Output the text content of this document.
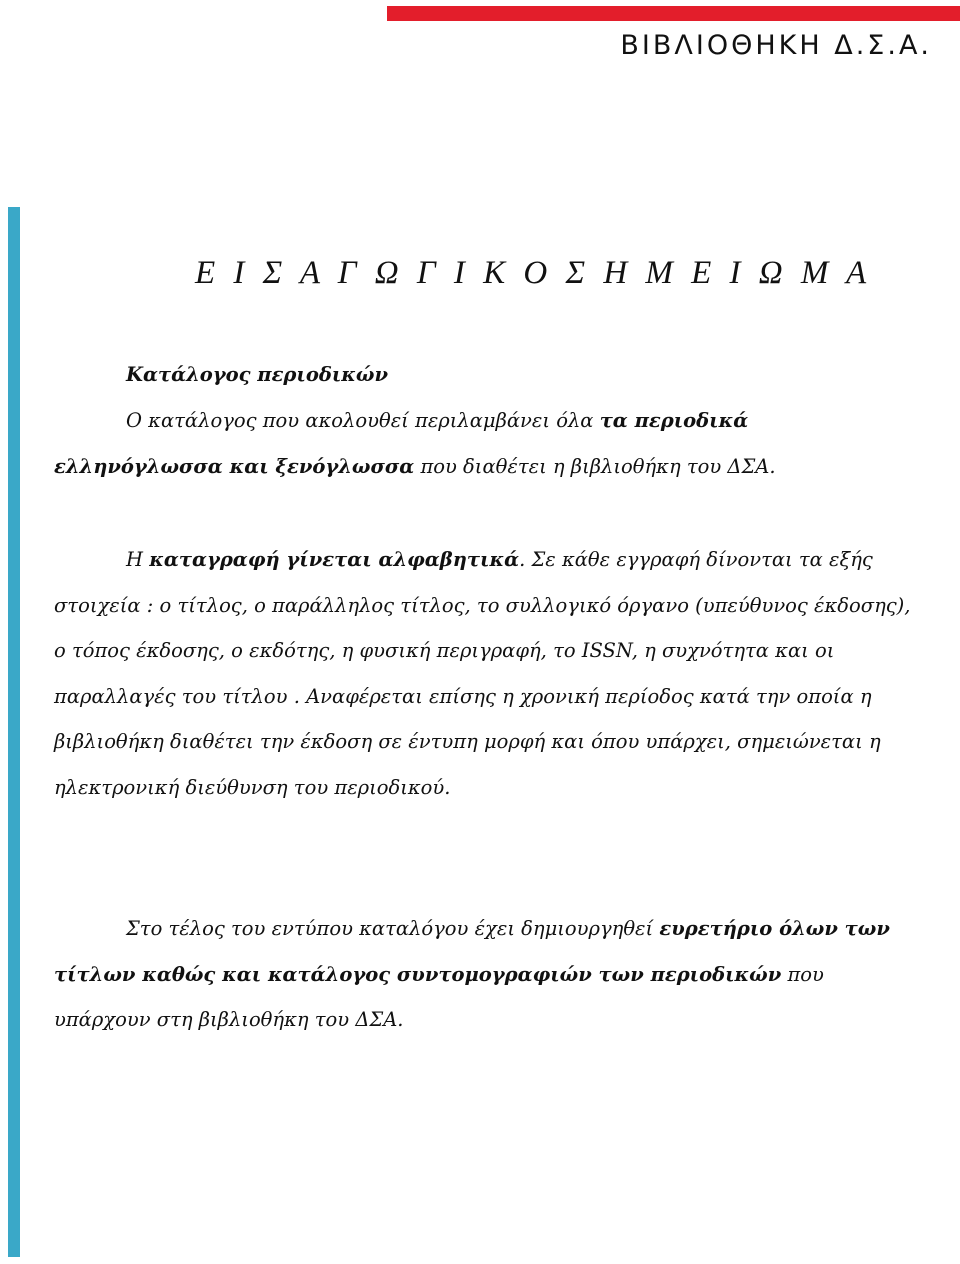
ΒΙΒΛΙΟΘΗΚΗ Δ.Σ.Α.
Ε Ι Σ Α Γ Ω Γ Ι Κ Ο Σ Η Μ Ε Ι Ω Μ Α

Κατάλογος περιοδικών

Ο κατάλογος που ακολουθεί περιλαμβάνει όλα τα περιοδικά ελληνόγλωσσα και ξενόγλωσσα που διαθέτει η βιβλιοθήκη του ΔΣΑ.

Η καταγραφή γίνεται αλφαβητικά. Σε κάθε εγγραφή δίνονται τα εξής στοιχεία : ο τίτλος, ο παράλληλος τίτλος, το συλλογικό όργανο (υπεύθυνος έκδοσης), ο τόπος έκδοσης, ο εκδότης, η φυσική περιγραφή, το ISSN, η συχνότητα και οι παραλλαγές του τίτλου . Αναφέρεται επίσης η χρονική περίοδος κατά την οποία η βιβλιοθήκη διαθέτει την έκδοση σε έντυπη μορφή και όπου υπάρχει, σημειώνεται η ηλεκτρονική διεύθυνση του περιοδικού.

Στο τέλος του εντύπου καταλόγου έχει δημιουργηθεί ευρετήριο όλων των τίτλων καθώς και κατάλογος συντομογραφιών των περιοδικών που υπάρχουν στη βιβλιοθήκη του ΔΣΑ.
